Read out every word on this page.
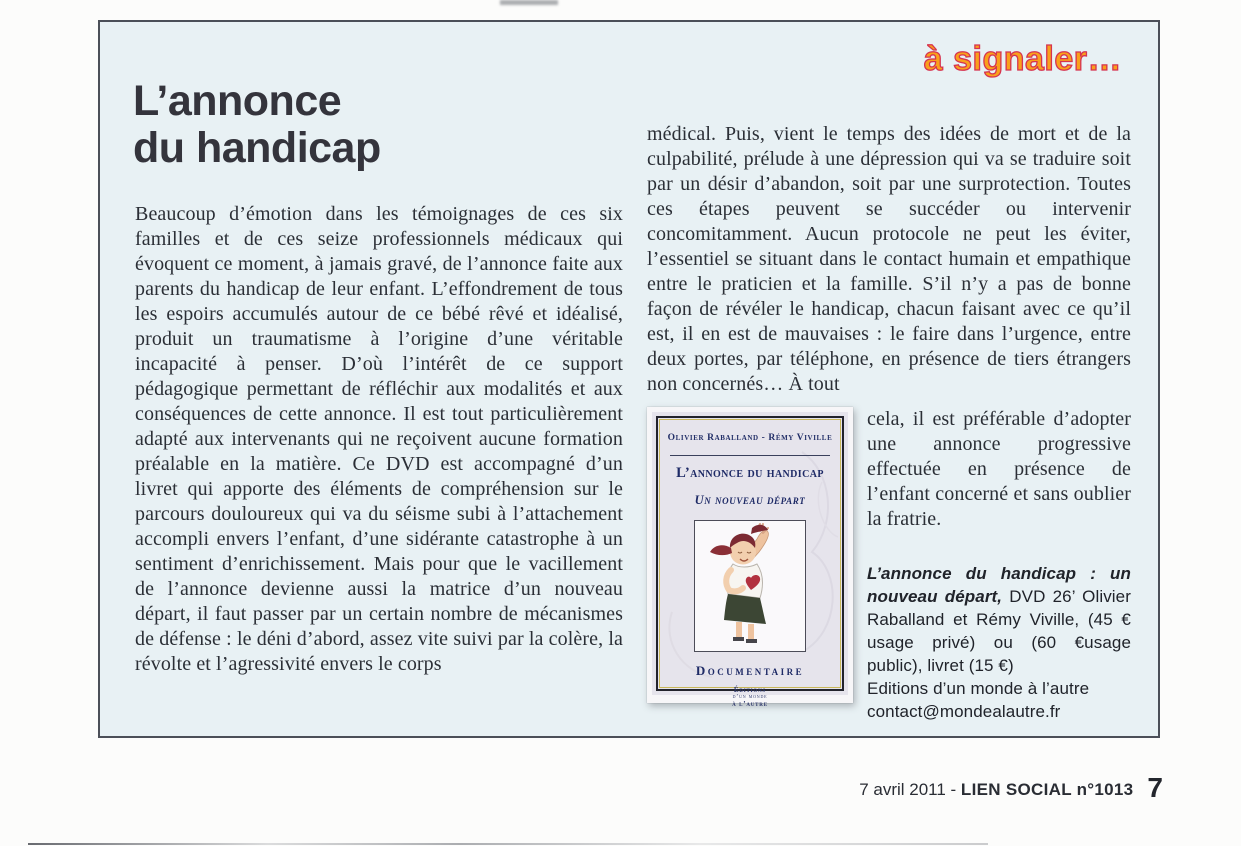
à signaler…
L’annonce
du handicap
Beaucoup d’émotion dans les témoignages de ces six familles et de ces seize professionnels médicaux qui évoquent ce moment, à jamais gravé, de l’annonce faite aux parents du handicap de leur enfant. L’effondrement de tous les espoirs accumulés autour de ce bébé rêvé et idéalisé, produit un traumatisme à l’origine d’une véritable incapacité à penser. D’où l’intérêt de ce support pédagogique permettant de réfléchir aux modalités et aux conséquences de cette annonce. Il est tout particulièrement adapté aux intervenants qui ne reçoivent aucune formation préalable en la matière. Ce DVD est accompagné d’un livret qui apporte des éléments de compréhension sur le parcours douloureux qui va du séisme subi à l’attachement accompli envers l’enfant, d’une sidérante catastrophe à un sentiment d’enrichissement. Mais pour que le vacillement de l’annonce devienne aussi la matrice d’un nouveau départ, il faut passer par un certain nombre de mécanismes de défense : le déni d’abord, assez vite suivi par la colère, la révolte et l’agressivité envers le corps

médical. Puis, vient le temps des idées de mort et de la culpabilité, prélude à une dépression qui va se traduire soit par un désir d’abandon, soit par une surprotection. Toutes ces étapes peuvent se succéder ou intervenir concomitamment. Aucun protocole ne peut les éviter, l’essentiel se situant dans le contact humain et empathique entre le praticien et la famille. S’il n’y a pas de bonne façon de révéler le handicap, chacun faisant avec ce qu’il est, il en est de mauvaises : le faire dans l’urgence, entre deux portes, par téléphone, en présence de tiers étrangers non concernés… À tout

Olivier Raballand - Rémy Viville
L’annonce du handicap
Un nouveau départ
Documentaire
Éditions
d’un monde
à l’autre

cela, il est préférable d’adopter une annonce progressive effectuée en présence de l’enfant concerné et sans oublier la fratrie.

L’annonce du handicap : un nouveau départ, DVD 26’ Olivier Raballand et Rémy Viville, (45 € usage privé) ou (60 €usage public), livret (15 €)

Editions d’un monde à l’autre
contact@mondealautre.fr
7 avril 2011 - LIEN SOCIAL n°1013 7
